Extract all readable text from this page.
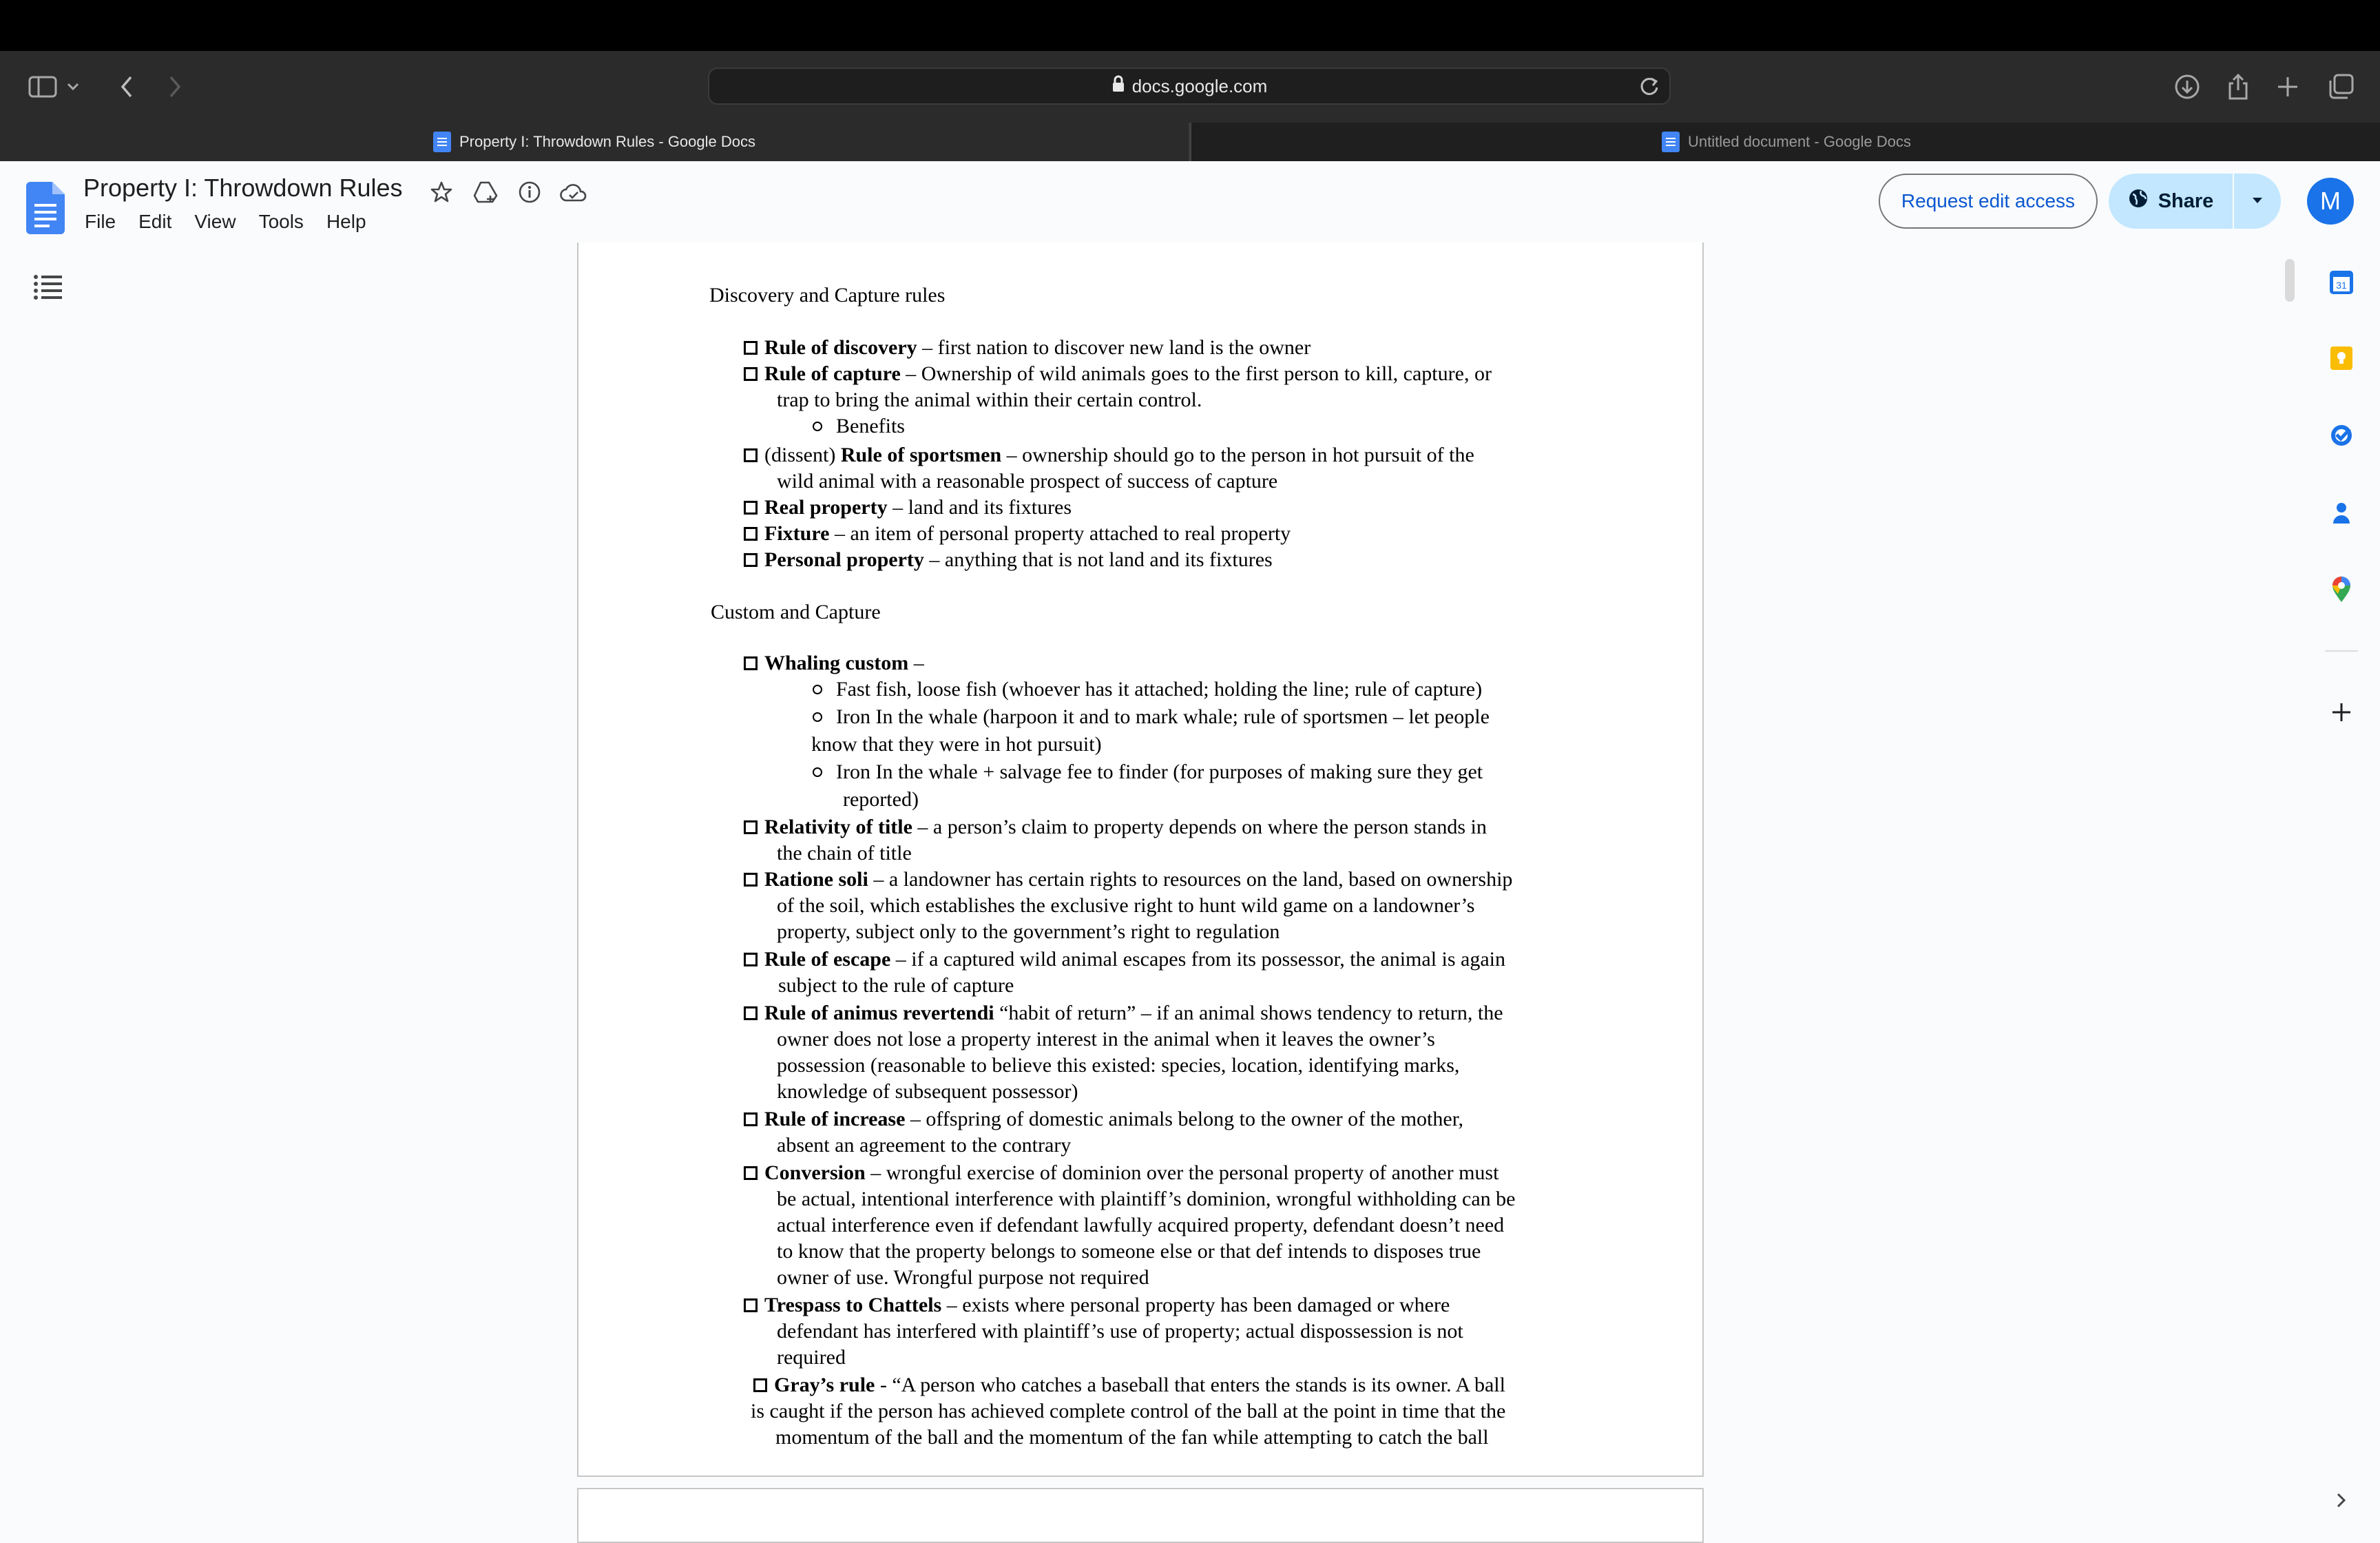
docs.google.com
Property I: Throwdown Rules - Google Docs	Untitled document - Google Docs
Property I: Throwdown Rules
File Edit View Tools Help
Request edit access	Share	M
31
Discovery and Capture rules
Rule of discovery – first nation to discover new land is the owner
Rule of capture – Ownership of wild animals goes to the first person to kill, capture, or
trap to bring the animal within their certain control.
Benefits
(dissent) Rule of sportsmen – ownership should go to the person in hot pursuit of the
wild animal with a reasonable prospect of success of capture
Real property – land and its fixtures
Fixture – an item of personal property attached to real property
Personal property – anything that is not land and its fixtures
Custom and Capture
Whaling custom –
Fast fish, loose fish (whoever has it attached; holding the line; rule of capture)
Iron In the whale (harpoon it and to mark whale; rule of sportsmen – let people
know that they were in hot pursuit)
Iron In the whale + salvage fee to finder (for purposes of making sure they get
reported)
Relativity of title – a person’s claim to property depends on where the person stands in
the chain of title
Ratione soli – a landowner has certain rights to resources on the land, based on ownership
of the soil, which establishes the exclusive right to hunt wild game on a landowner’s
property, subject only to the government’s right to regulation
Rule of escape – if a captured wild animal escapes from its possessor, the animal is again
subject to the rule of capture
Rule of animus revertendi “habit of return” – if an animal shows tendency to return, the
owner does not lose a property interest in the animal when it leaves the owner’s
possession (reasonable to believe this existed: species, location, identifying marks,
knowledge of subsequent possessor)
Rule of increase – offspring of domestic animals belong to the owner of the mother,
absent an agreement to the contrary
Conversion – wrongful exercise of dominion over the personal property of another must
be actual, intentional interference with plaintiff’s dominion, wrongful withholding can be
actual interference even if defendant lawfully acquired property, defendant doesn’t need
to know that the property belongs to someone else or that def intends to disposes true
owner of use. Wrongful purpose not required
Trespass to Chattels – exists where personal property has been damaged or where
defendant has interfered with plaintiff’s use of property; actual dispossession is not
required
Gray’s rule - “A person who catches a baseball that enters the stands is its owner. A ball
is caught if the person has achieved complete control of the ball at the point in time that the
momentum of the ball and the momentum of the fan while attempting to catch the ball
